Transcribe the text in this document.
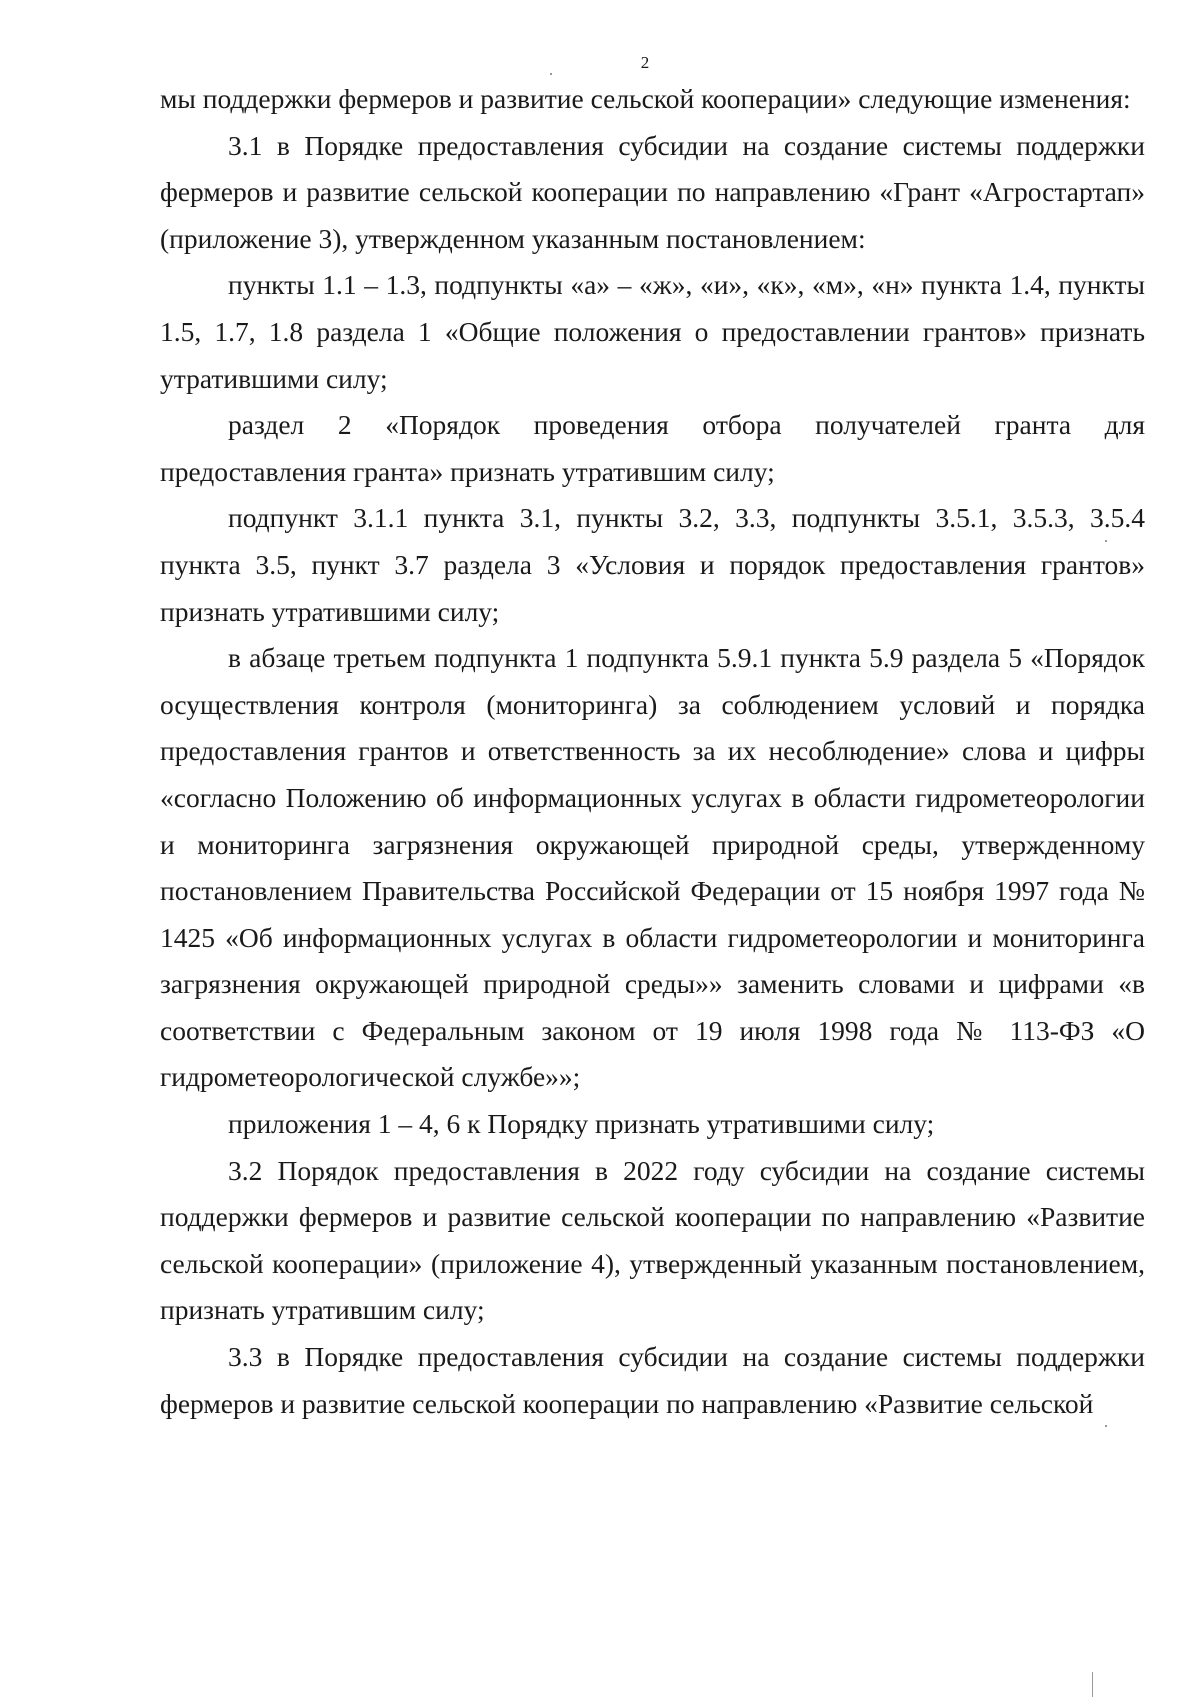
2

мы поддержки фермеров и развитие сельской кооперации» следующие изменения:

3.1 в Порядке предоставления субсидии на создание системы поддержки фермеров и развитие сельской кооперации по направлению «Грант «Агростартап» (приложение 3), утвержденном указанным постановлением:

пункты 1.1 – 1.3, подпункты «а» – «ж», «и», «к», «м», «н» пункта 1.4, пункты 1.5, 1.7, 1.8 раздела 1 «Общие положения о предоставлении грантов» признать утратившими силу;

раздел 2 «Порядок проведения отбора получателей гранта для предоставления гранта» признать утратившим силу;

подпункт 3.1.1 пункта 3.1, пункты 3.2, 3.3, подпункты 3.5.1, 3.5.3, 3.5.4 пункта 3.5, пункт 3.7 раздела 3 «Условия и порядок предоставления грантов» признать утратившими силу;

в абзаце третьем подпункта 1 подпункта 5.9.1 пункта 5.9 раздела 5 «Порядок осуществления контроля (мониторинга) за соблюдением условий и порядка предоставления грантов и ответственность за их несоблюдение» слова и цифры «согласно Положению об информационных услугах в области гидрометеорологии и мониторинга загрязнения окружающей природной среды, утвержденному постановлением Правительства Российской Федерации от 15 ноября 1997 года № 1425 «Об информационных услугах в области гидрометеорологии и мониторинга загрязнения окружающей природной среды»» заменить словами и цифрами «в соответствии с Федеральным законом от 19 июля 1998 года № 113-ФЗ «О гидрометеорологической службе»»;

приложения 1 – 4, 6 к Порядку признать утратившими силу;

3.2 Порядок предоставления в 2022 году субсидии на создание системы поддержки фермеров и развитие сельской кооперации по направлению «Развитие сельской кооперации» (приложение 4), утвержденный указанным постановлением, признать утратившим силу;

3.3 в Порядке предоставления субсидии на создание системы поддержки фермеров и развитие сельской кооперации по направлению «Развитие сельской
